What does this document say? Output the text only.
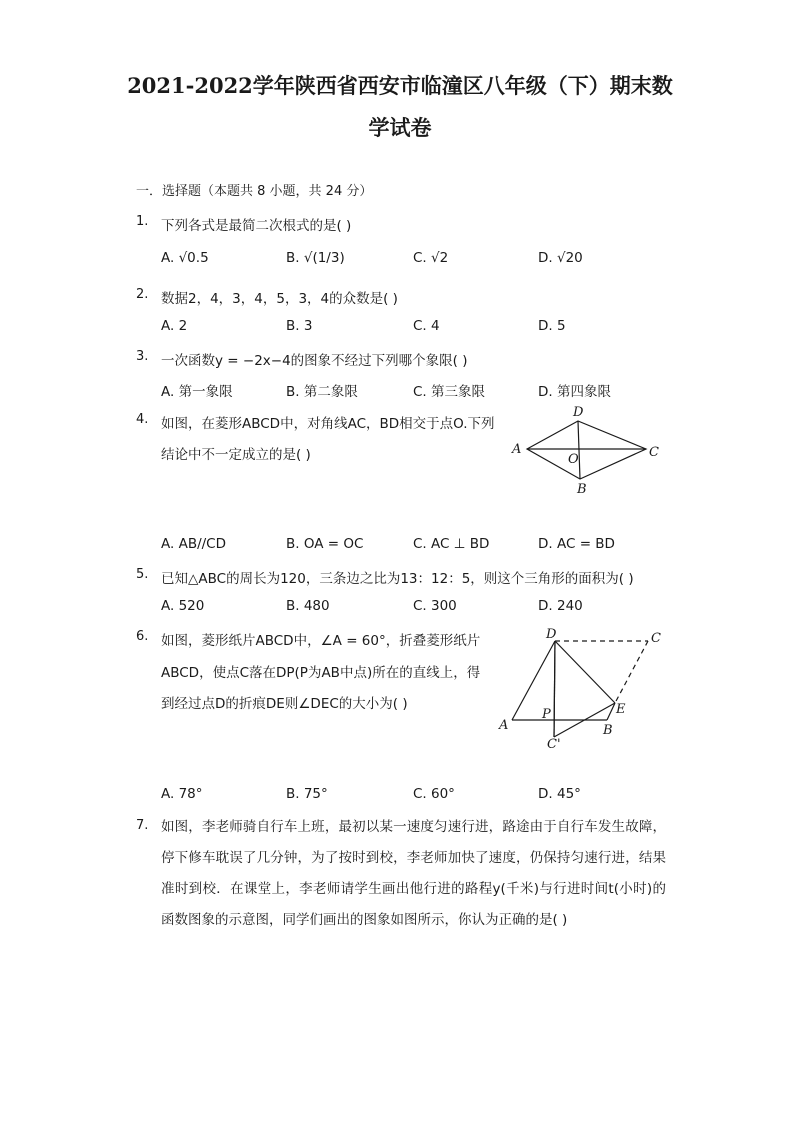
2021-2022学年陕西省西安市临潼区八年级（下）期末数
学试卷
一．选择题（本题共 8 小题，共 24 分）
1. 下列各式是最简二次根式的是( )
A. √0.5	B. √(1/3)	C. √2	D. √20
2. 数据2，4，3，4，5，3，4的众数是( )
A. 2	B. 3	C. 4	D. 5
3. 一次函数y = −2x−4的图象不经过下列哪个象限( )
A. 第一象限	B. 第二象限	C. 第三象限	D. 第四象限
4. 如图，在菱形ABCD中，对角线AC，BD相交于点O.下列
结论中不一定成立的是( )	A
D
C
B
O
A. AB//CD	B. OA = OC	C. AC ⊥ BD	D. AC = BD
5. 已知△ABC的周长为120，三条边之比为13：12：5，则这个三角形的面积为( )
A. 520	B. 480	C. 300	D. 240
6. 如图，菱形纸片ABCD中，∠A = 60°，折叠菱形纸片
ABCD，使点C落在DP(P为AB中点)所在的直线上，得
到经过点D的折痕DE则∠DEC的大小为( )
D	C
A
P	E
B
C'
A. 78°	B. 75°	C. 60°	D. 45°
7. 如图，李老师骑自行车上班，最初以某一速度匀速行进，路途由于自行车发生故障，停下修车耽误了几分钟，为了按时到校，李老师加快了速度，仍保持匀速行进，结果准时到校．在课堂上，李老师请学生画出他行进的路程y(千米)与行进时间t(小时)的函数图象的示意图，同学们画出的图象如图所示，你认为正确的是( )
